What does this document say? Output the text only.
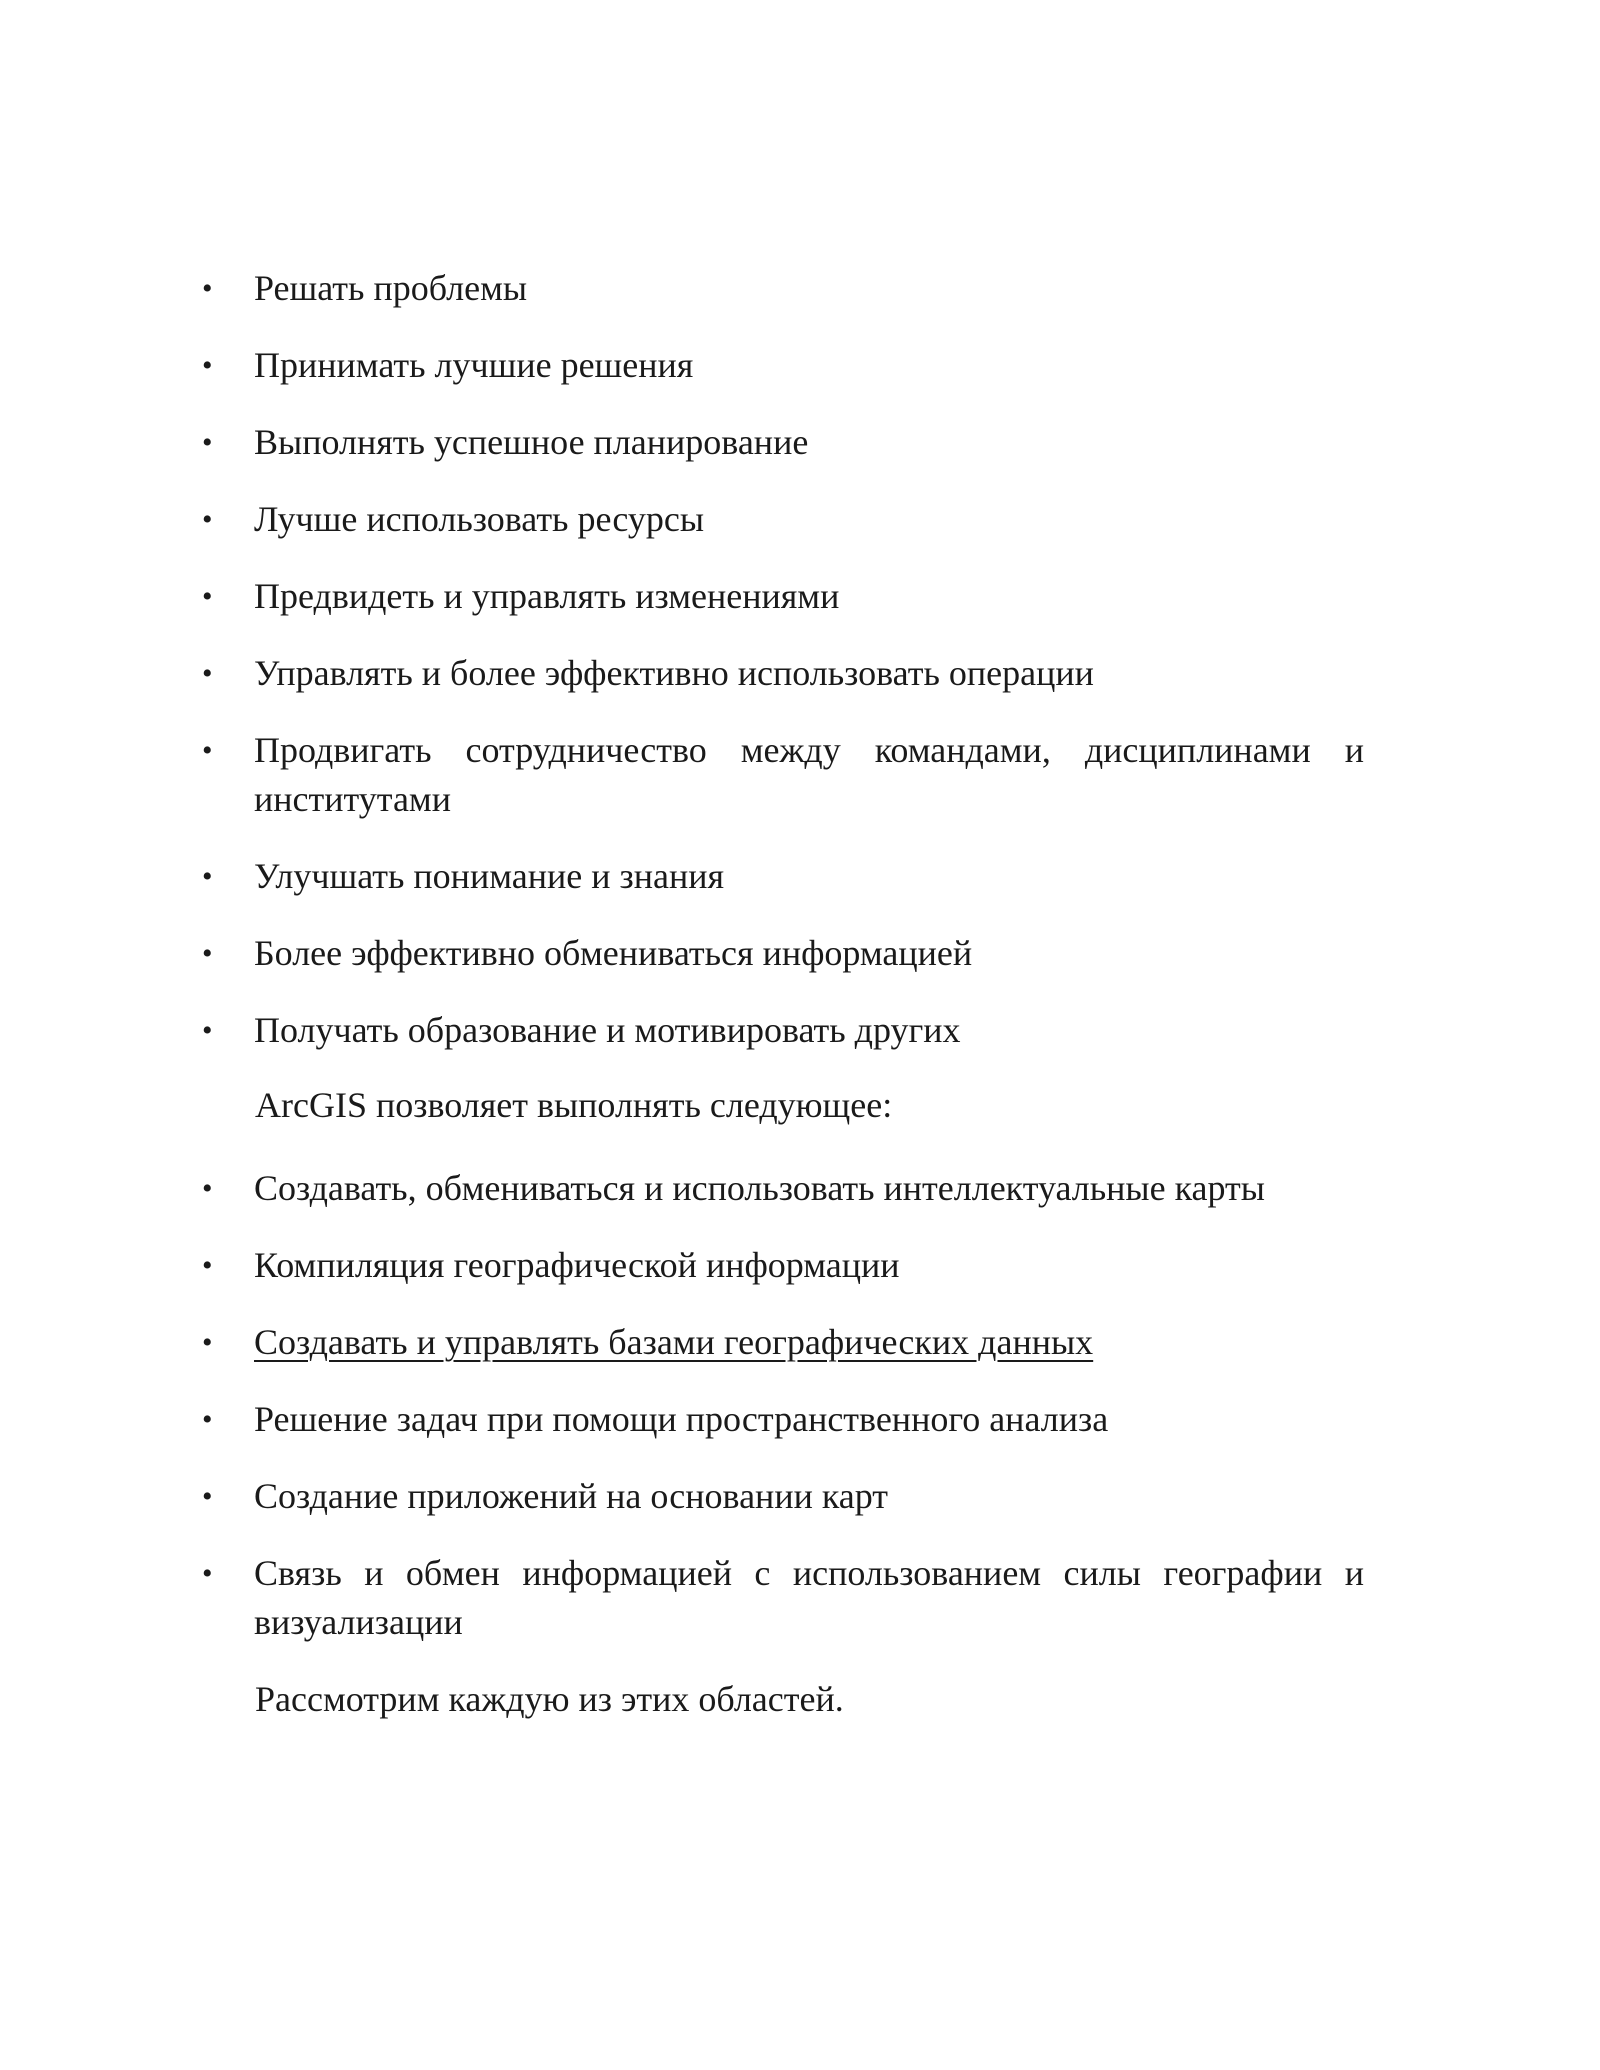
• Решать проблемы
• Принимать лучшие решения
• Выполнять успешное планирование
• Лучше использовать ресурсы
• Предвидеть и управлять изменениями
• Управлять и более эффективно использовать операции
• Продвигать сотрудничество между командами, дисциплинами и институтами
• Улучшать понимание и знания
• Более эффективно обмениваться информацией
• Получать образование и мотивировать других

ArcGIS позволяет выполнять следующее:

• Создавать, обмениваться и использовать интеллектуальные карты
• Компиляция географической информации
• Создавать и управлять базами географических данных
• Решение задач при помощи пространственного анализа
• Создание приложений на основании карт
• Связь и обмен информацией с использованием силы географии и визуализации

Рассмотрим каждую из этих областей.
